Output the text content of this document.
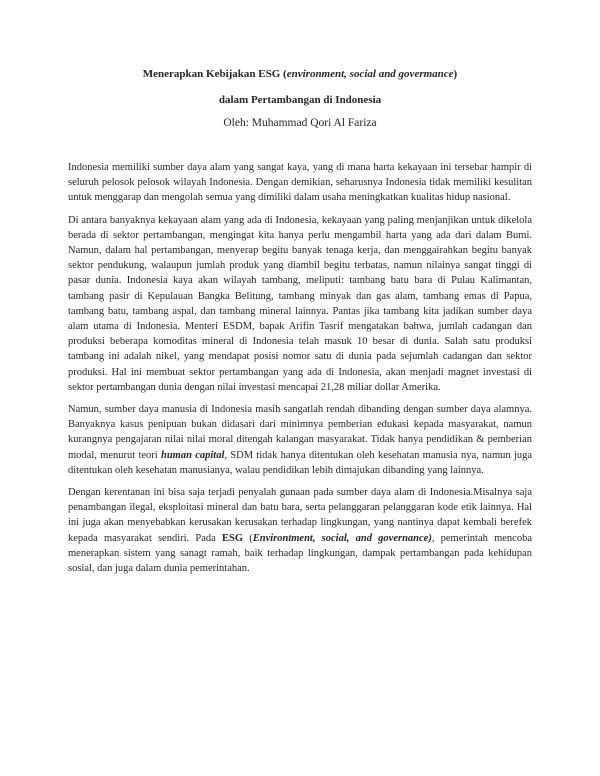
Menerapkan Kebijakan ESG (environment, social and govermance)
dalam Pertambangan di Indonesia
Oleh: Muhammad Qori Al Fariza

Indonesia memiliki sumber daya alam yang sangat kaya, yang di mana harta kekayaan ini tersebar hampir di seluruh pelosok pelosok wilayah Indonesia. Dengan demikian, seharusnya Indonesia tidak memiliki kesulitan untuk menggarap dan mengolah semua yang dimiliki dalam usaha meningkatkan kualitas hidup nasional.

Di antara banyaknya kekayaan alam yang ada di Indonesia, kekayaan yang paling menjanjikan untuk dikelola berada di sektor pertambangan, mengingat kita hanya perlu mengambil harta yang ada dari dalam Bumi. Namun, dalam hal pertambangan, menyerap begitu banyak tenaga kerja, dan menggairahkan begitu banyak sektor pendukung, walaupun jumlah produk yang diambil begitu terbatas, namun nilainya sangat tinggi di pasar dunia. Indonesia kaya akan wilayah tambang, meliputi: tambang batu bara di Pulau Kalimantan, tambang pasir di Kepulauan Bangka Belitung, tambang minyak dan gas alam, tambang emas di Papua, tambang batu, tambang aspal, dan tambang mineral lainnya. Pantas jika tambang kita jadikan sumber daya alam utama di Indonesia. Menteri ESDM, bapak Arifin Tasrif mengatakan bahwa, jumlah cadangan dan produksi beberapa komoditas mineral di Indonesia telah masuk 10 besar di dunia. Salah satu produksi tambang ini adalah nikel, yang mendapat posisi nomor satu di dunia pada sejumlah cadangan dan sektor produksi. Hal ini membuat sektor pertambangan yang ada di Indonesia, akan menjadi magnet investasi di sektor pertambangan dunia dengan nilai investasi mencapai 21,28 miliar dollar Amerika.

Namun, sumber daya manusia di Indonesia masih sangatlah rendah dibanding dengan sumber daya alamnya. Banyaknya kasus penipuan bukan didasari dari minimnya pemberian edukasi kepada masyarakat, namun kurangnya pengajaran nilai nilai moral ditengah kalangan masyarakat. Tidak hanya pendidikan & pemberian modal, menurut teori human capital, SDM tidak hanya ditentukan oleh kesehatan manusia nya, namun juga ditentukan oleh kesehatan manusianya, walau pendidikan lebih dimajukan dibanding yang lainnya.

Dengan kerentanan ini bisa saja terjadi penyalah gunaan pada sumber daya alam di Indonesia.Misalnya saja penambangan ilegal, eksploitasi mineral dan batu bara, serta pelanggaran pelanggaran kode etik lainnya. Hal ini juga akan menyebabkan kerusakan kerusakan terhadap lingkungan, yang nantinya dapat kembali berefek kepada masyarakat sendiri. Pada ESG (Environtment, social, and governance), pemerintah mencoba menerapkan sistem yang sanagt ramah, baik terhadap lingkungan, dampak pertambangan pada kehidupan sosial, dan juga dalam dunia pemerintahan.
